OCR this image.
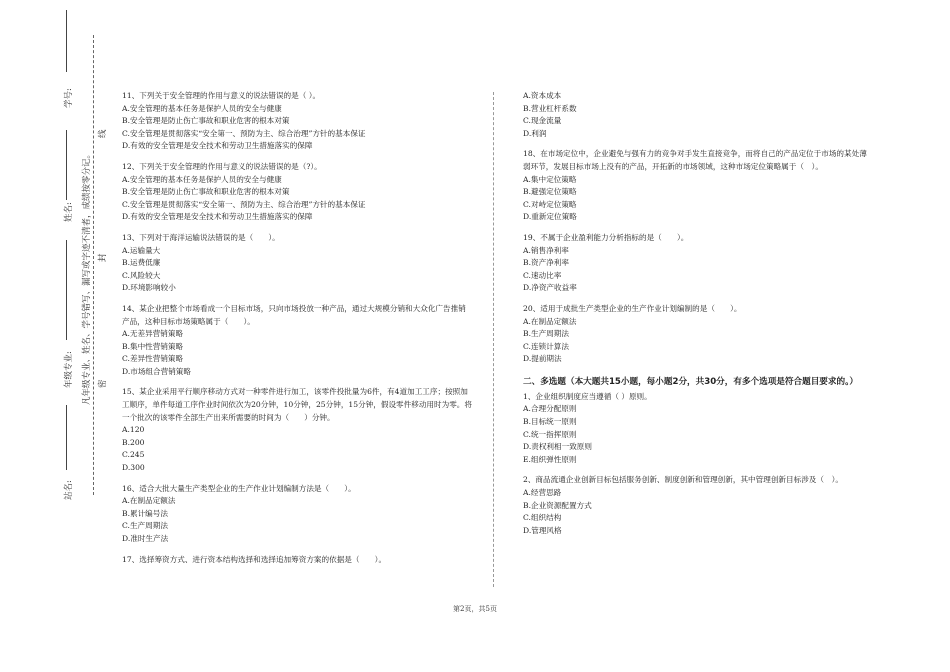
学号:
姓名:
年级专业:
站名:
凡年级专业、姓名、学号错写、漏写或字迹不清者，成绩按零分记。
线
封
密
11、下列关于安全管理的作用与意义的说法错误的是（ ）。
A.安全管理的基本任务是保护人员的安全与健康
B.安全管理是防止伤亡事故和职业危害的根本对策
C.安全管理是贯彻落实“安全第一、预防为主、综合治理”方针的基本保证
D.有效的安全管理是安全技术和劳动卫生措施落实的保障
12、下列关于安全管理的作用与意义的说法错误的是（?）。
A.安全管理的基本任务是保护人员的安全与健康
B.安全管理是防止伤亡事故和职业危害的根本对策
C.安全管理是贯彻落实“安全第一、预防为主、综合治理”方针的基本保证
D.有效的安全管理是安全技术和劳动卫生措施落实的保障
13、下列对于海洋运输说法错误的是（　　）。
A.运输量大
B.运费低廉
C.风险较大
D.环境影响较小
14、某企业把整个市场看成一个目标市场，只向市场投放一种产品，通过大规模分销和大众化广告推销产品，这种目标市场策略属于（　　）。
A.无差异营销策略
B.集中性营销策略
C.差异性营销策略
D.市场组合营销策略
15、某企业采用平行顺序移动方式对一种零件进行加工，该零件投批量为6件，有4道加工工序；按照加工顺序，单件每道工序作业时间依次为20分钟，10分钟，25分钟，15分钟，假设零件移动用时为零。将一个批次的该零件全部生产出来所需要的时间为（　　）分钟。
A.120
B.200
C.245
D.300
16、适合大批大量生产类型企业的生产作业计划编制方法是（　　）。
A.在制品定额法
B.累计编号法
C.生产周期法
D.准时生产法
17、选择筹资方式、进行资本结构选择和选择追加筹资方案的依据是（　　）。
A.资本成本
B.营业杠杆系数
C.现金流量
D.利润
18、在市场定位中，企业避免与强有力的竞争对手发生直接竞争，而将自己的产品定位于市场的某处薄弱环节，发展目标市场上没有的产品，开拓新的市场领域，这种市场定位策略属于（　）。
A.集中定位策略
B.避强定位策略
C.对峙定位策略
D.重新定位策略
19、不属于企业盈利能力分析指标的是（　　）。
A.销售净利率
B.资产净利率
C.速动比率
D.净资产收益率
20、适用于成批生产类型企业的生产作业计划编制的是（　　）。
A.在制品定额法
B.生产周期法
C.连锁计算法
D.提前期法
二、多选题（本大题共15小题，每小题2分，共30分，有多个选项是符合题目要求的。）
1、企业组织制度应当遵循（ ）原则。
A.合理分配原则
B.目标统一原则
C.统一指挥原则
D.责权利相一致原则
E.组织弹性原则
2、商品流通企业创新目标包括服务创新、制度创新和管理创新，其中管理创新目标涉及（　）。
A.经营思路
B.企业资源配置方式
C.组织结构
D.管理风格
第2页，共5页
